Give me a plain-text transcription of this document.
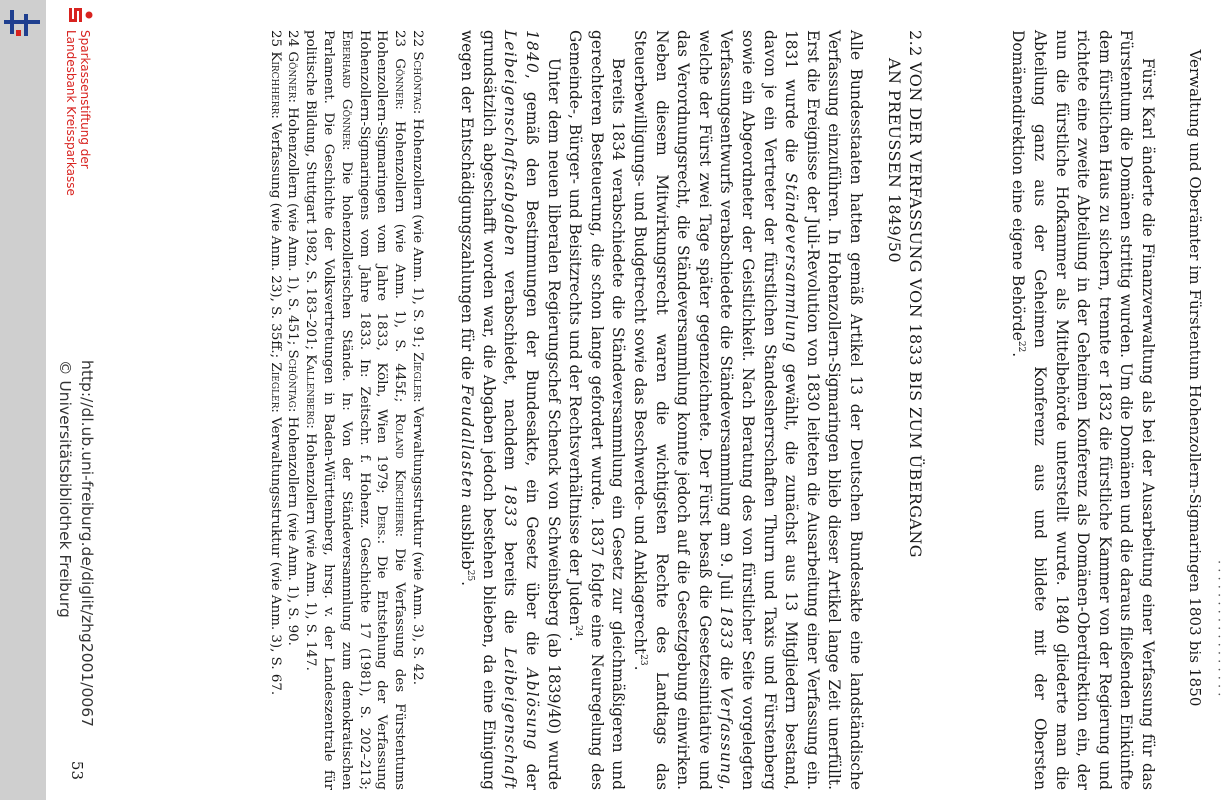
· · · · · · · · · · · · · · · · ·
Verwaltung und Oberämter im Fürstentum Hohenzollern-Sigmaringen 1803 bis 1850

Fürst Karl änderte die Finanzverwaltung als bei der Ausarbeitung einer Verfassung für das Fürstentum die Domänen strittig wurden. Um die Domänen und die daraus fließenden Einkünfte dem fürstlichen Haus zu sichern, trennte er 1832 die fürstliche Kammer von der Regierung und richtete eine zweite Abteilung in der Geheimen Konferenz als Domänen-Oberdirektion ein, der nun die fürstliche Hofkammer als Mittelbehörde unterstellt wurde. 1840 gliederte man die Abteilung ganz aus der Geheimen Konferenz aus und bildete mit der Obersten Domänendirektion eine eigene Behörde$^{22}$.

2.2 VON DER VERFASSUNG VON 1833 BIS ZUM ÜBERGANG
AN PREUSSEN 1849/50

Alle Bundesstaaten hatten gemäß Artikel 13 der Deutschen Bundesakte eine landständische Verfassung einzuführen. In Hohenzollern-Sigmaringen blieb dieser Artikel lange Zeit unerfüllt. Erst die Ereignisse der Juli-Revolution von 1830 leiteten die Ausarbeitung einer Verfassung ein. 1831 wurde die Ständeversammlung gewählt, die zunächst aus 13 Mitgliedern bestand, davon je ein Vertreter der fürstlichen Standesherrschaften Thurn und Taxis und Fürstenberg sowie ein Abgeordneter der Geistlichkeit. Nach Beratung des von fürstlicher Seite vorgelegten Verfassungsentwurfs verabschiedete die Ständeversammlung am 9. Juli 1833 die Verfassung, welche der Fürst zwei Tage später gegenzeichnete. Der Fürst besaß die Gesetzesinitiative und das Verordnungsrecht, die Ständeversammlung konnte jedoch auf die Gesetzgebung einwirken. Neben diesem Mitwirkungsrecht waren die wichtigsten Rechte des Landtags das Steuerbewilligungs- und Budgetrecht sowie das Beschwerde- und Anklagerecht$^{23}$.

Bereits 1834 verabschiedete die Ständeversammlung ein Gesetz zur gleichmäßigeren und gerechteren Besteuerung, die schon lange gefordert wurde. 1837 folgte eine Neuregelung des Gemeinde-, Bürger- und Beisitzrechts und der Rechtsverhältnisse der Juden$^{24}$.

Unter dem neuen liberalen Regierungschef Schenck von Schweinsberg (ab 1839/40) wurde 1840, gemäß den Bestimmungen der Bundesakte, ein Gesetz über die Ablösung der Leibeigenschaftsabgaben verabschiedet, nachdem 1833 bereits die Leibeigenschaft grundsätzlich abgeschafft worden war, die Abgaben jedoch bestehen blieben, da eine Einigung wegen der Entschädigungszahlungen für die Feudallasten ausblieb$^{25}$.

22 Schöntag: Hohenzollern (wie Anm. 1), S. 91; Ziegler: Verwaltungsstruktur (wie Anm. 3), S. 42.

23 Gönner: Hohenzollern (wie Anm. 1), S. 445f.; Roland Kirchherr: Die Verfassung des Fürstentums Hohenzollern-Sigmaringen vom Jahre 1833, Köln, Wien 1979; Ders.: Die Entstehung der Verfassung Hohenzollern-Sigmaringens vom Jahre 1833. In: Zeitschr. f. Hohenz. Geschichte 17 (1981), S. 202–213; Eberhard Gönner: Die hohenzollerischen Stände. In: Von der Ständeversammlung zum demokratischen Parlament. Die Geschichte der Volksvertretungen in Baden-Württemberg, hrsg. v. der Landeszentrale für politische Bildung, Stuttgart 1982, S. 183–201; Kallenberg: Hohenzollern (wie Anm. 1), S. 147.

24 Gönner: Hohenzollern (wie Anm. 1), S. 451; Schöntag: Hohenzollern (wie Anm. 1), S. 90.

25 Kirchherr: Verfassung (wie Anm. 23), S. 35ff.; Ziegler: Verwaltungsstruktur (wie Anm. 3), S. 67.

53
http://dl.ub.uni-freiburg.de/diglit/zhg2001/0067
© Universitätsbibliothek Freiburg
Sparkassenstiftung der
Landesbank Kreissparkasse
